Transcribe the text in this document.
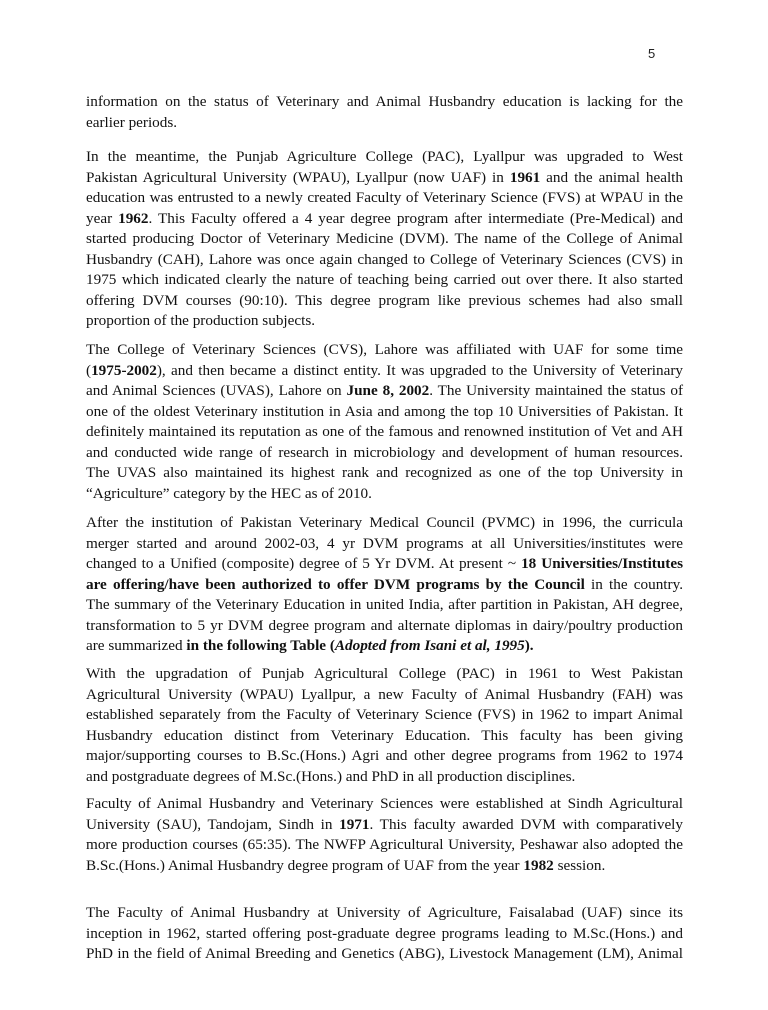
5
information on the status of Veterinary and Animal Husbandry education is lacking for the
earlier periods.
In the meantime, the Punjab Agriculture College (PAC), Lyallpur was upgraded to West
Pakistan Agricultural University (WPAU), Lyallpur (now UAF) in 1961 and the animal health
education was entrusted to a newly created Faculty of Veterinary Science (FVS) at WPAU in the
year 1962. This Faculty offered a 4 year degree program after intermediate (Pre-Medical) and
started producing Doctor of Veterinary Medicine (DVM). The name of the College of Animal
Husbandry (CAH), Lahore was once again changed to College of Veterinary Sciences (CVS) in
1975 which indicated clearly the nature of teaching being carried out over there. It also started
offering DVM courses (90:10). This degree program like previous schemes had also small
proportion of the production subjects.
The College of Veterinary Sciences (CVS), Lahore was affiliated with UAF for some time
(1975-2002), and then became a distinct entity. It was upgraded to the University of Veterinary
and Animal Sciences (UVAS), Lahore on June 8, 2002. The University maintained the status of
one of the oldest Veterinary institution in Asia and among the top 10 Universities of Pakistan. It
definitely maintained its reputation as one of the famous and renowned institution of Vet and AH
and conducted wide range of research in microbiology and development of human resources.
The UVAS also maintained its highest rank and recognized as one of the top University in
“Agriculture” category by the HEC as of 2010.
After the institution of Pakistan Veterinary Medical Council (PVMC) in 1996, the curricula
merger started and around 2002-03, 4 yr DVM programs at all Universities/institutes were
changed to a Unified (composite) degree of 5 Yr DVM. At present ~ 18 Universities/Institutes
are offering/have been authorized to offer DVM programs by the Council in the country.
The summary of the Veterinary Education in united India, after partition in Pakistan, AH degree,
transformation to 5 yr DVM degree program and alternate diplomas in dairy/poultry production
are summarized in the following Table (Adopted from Isani et al, 1995).
With the upgradation of Punjab Agricultural College (PAC) in 1961 to West Pakistan
Agricultural University (WPAU) Lyallpur, a new Faculty of Animal Husbandry (FAH) was
established separately from the Faculty of Veterinary Science (FVS) in 1962 to impart Animal
Husbandry education distinct from Veterinary Education. This faculty has been giving
major/supporting courses to B.Sc.(Hons.) Agri and other degree programs from 1962 to 1974
and postgraduate degrees of M.Sc.(Hons.) and PhD in all production disciplines.
Faculty of Animal Husbandry and Veterinary Sciences were established at Sindh Agricultural
University (SAU), Tandojam, Sindh in 1971. This faculty awarded DVM with comparatively
more production courses (65:35). The NWFP Agricultural University, Peshawar also adopted the
B.Sc.(Hons.) Animal Husbandry degree program of UAF from the year 1982 session.
The Faculty of Animal Husbandry at University of Agriculture, Faisalabad (UAF) since its
inception in 1962, started offering post-graduate degree programs leading to M.Sc.(Hons.) and
PhD in the field of Animal Breeding and Genetics (ABG), Livestock Management (LM), Animal
